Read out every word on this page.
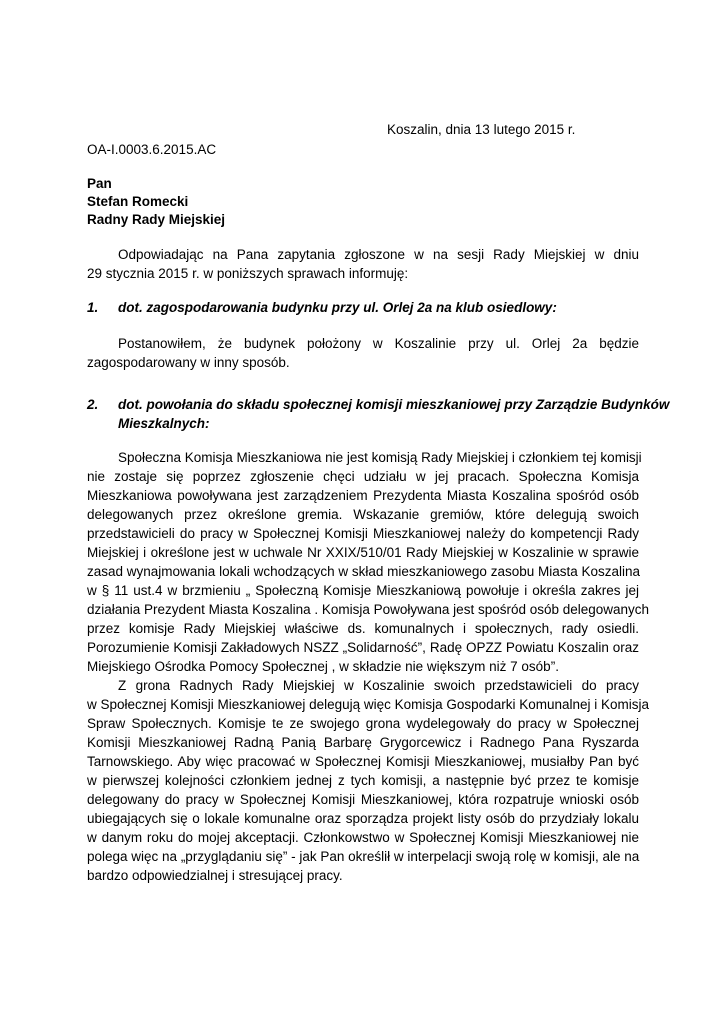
Koszalin, dnia 13 lutego 2015 r.
OA-I.0003.6.2015.AC
Pan
Stefan Romecki
Radny Rady Miejskiej
Odpowiadając na Pana zapytania zgłoszone w na sesji Rady Miejskiej w dniu
29 stycznia 2015 r. w poniższych sprawach informuję:
1. dot. zagospodarowania budynku przy ul. Orlej 2a na klub osiedlowy:
Postanowiłem, że budynek położony w Koszalinie przy ul. Orlej 2a będzie
zagospodarowany w inny sposób.
2. dot. powołania do składu społecznej komisji mieszkaniowej przy Zarządzie Budynków
Mieszkalnych:
Społeczna Komisja Mieszkaniowa nie jest komisją Rady Miejskiej i członkiem tej komisji
nie zostaje się poprzez zgłoszenie chęci udziału w jej pracach. Społeczna Komisja
Mieszkaniowa powoływana jest zarządzeniem Prezydenta Miasta Koszalina spośród osób
delegowanych przez określone gremia. Wskazanie gremiów, które delegują swoich
przedstawicieli do pracy w Społecznej Komisji Mieszkaniowej należy do kompetencji Rady
Miejskiej i określone jest w uchwale Nr XXIX/510/01 Rady Miejskiej w Koszalinie w sprawie
zasad wynajmowania lokali wchodzących w skład mieszkaniowego zasobu Miasta Koszalina
w § 11 ust.4 w brzmieniu „ Społeczną Komisje Mieszkaniową powołuje i określa zakres jej
działania Prezydent Miasta Koszalina . Komisja Powoływana jest spośród osób delegowanych
przez komisje Rady Miejskiej właściwe ds. komunalnych i społecznych, rady osiedli.
Porozumienie Komisji Zakładowych NSZZ „Solidarność”, Radę OPZZ Powiatu Koszalin oraz
Miejskiego Ośrodka Pomocy Społecznej , w składzie nie większym niż 7 osób”.
Z grona Radnych Rady Miejskiej w Koszalinie swoich przedstawicieli do pracy
w Społecznej Komisji Mieszkaniowej delegują więc Komisja Gospodarki Komunalnej i Komisja
Spraw Społecznych. Komisje te ze swojego grona wydelegowały do pracy w Społecznej
Komisji Mieszkaniowej Radną Panią Barbarę Grygorcewicz i Radnego Pana Ryszarda
Tarnowskiego. Aby więc pracować w Społecznej Komisji Mieszkaniowej, musiałby Pan być
w pierwszej kolejności członkiem jednej z tych komisji, a następnie być przez te komisje
delegowany do pracy w Społecznej Komisji Mieszkaniowej, która rozpatruje wnioski osób
ubiegających się o lokale komunalne oraz sporządza projekt listy osób do przydziały lokalu
w danym roku do mojej akceptacji. Członkowstwo w Społecznej Komisji Mieszkaniowej nie
polega więc na „przyglądaniu się” - jak Pan określił w interpelacji swoją rolę w komisji, ale na
bardzo odpowiedzialnej i stresującej pracy.
